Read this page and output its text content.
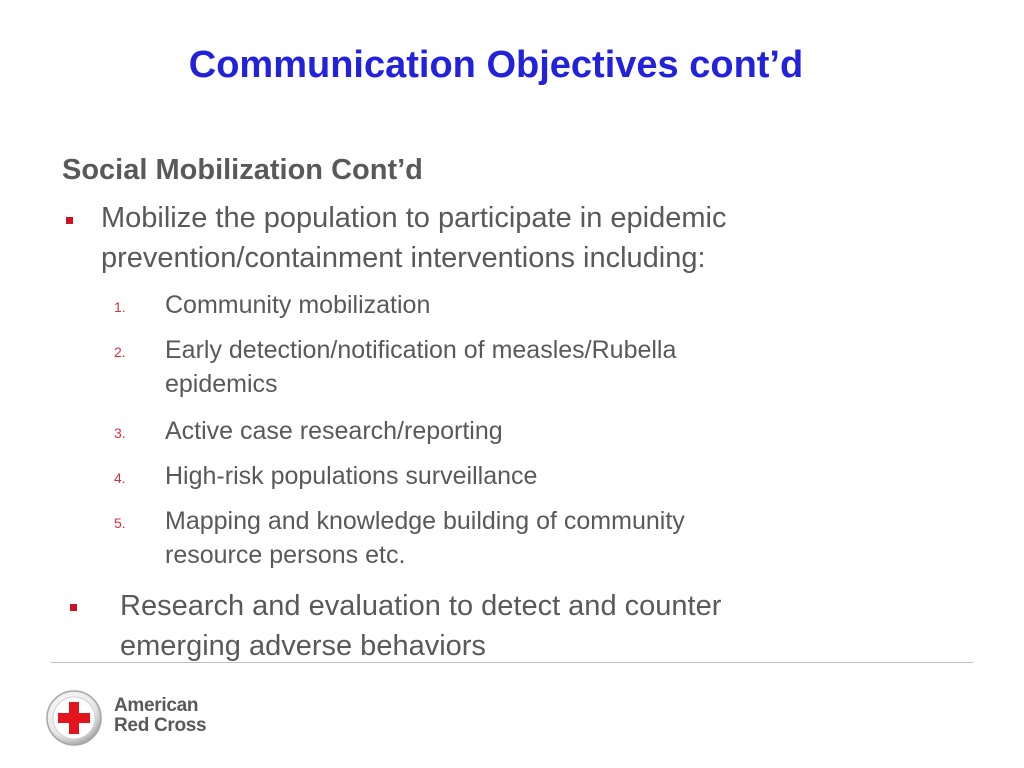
Communication Objectives cont’d
Social Mobilization Cont’d
Mobilize the population to participate in epidemic
prevention/containment interventions including:
1. Community mobilization
2. Early detection/notification of measles/Rubella
epidemics
3. Active case research/reporting
4. High-risk populations surveillance
5. Mapping and knowledge building of community
resource persons etc.
Research and evaluation to detect and counter
emerging adverse behaviors
American
Red Cross
